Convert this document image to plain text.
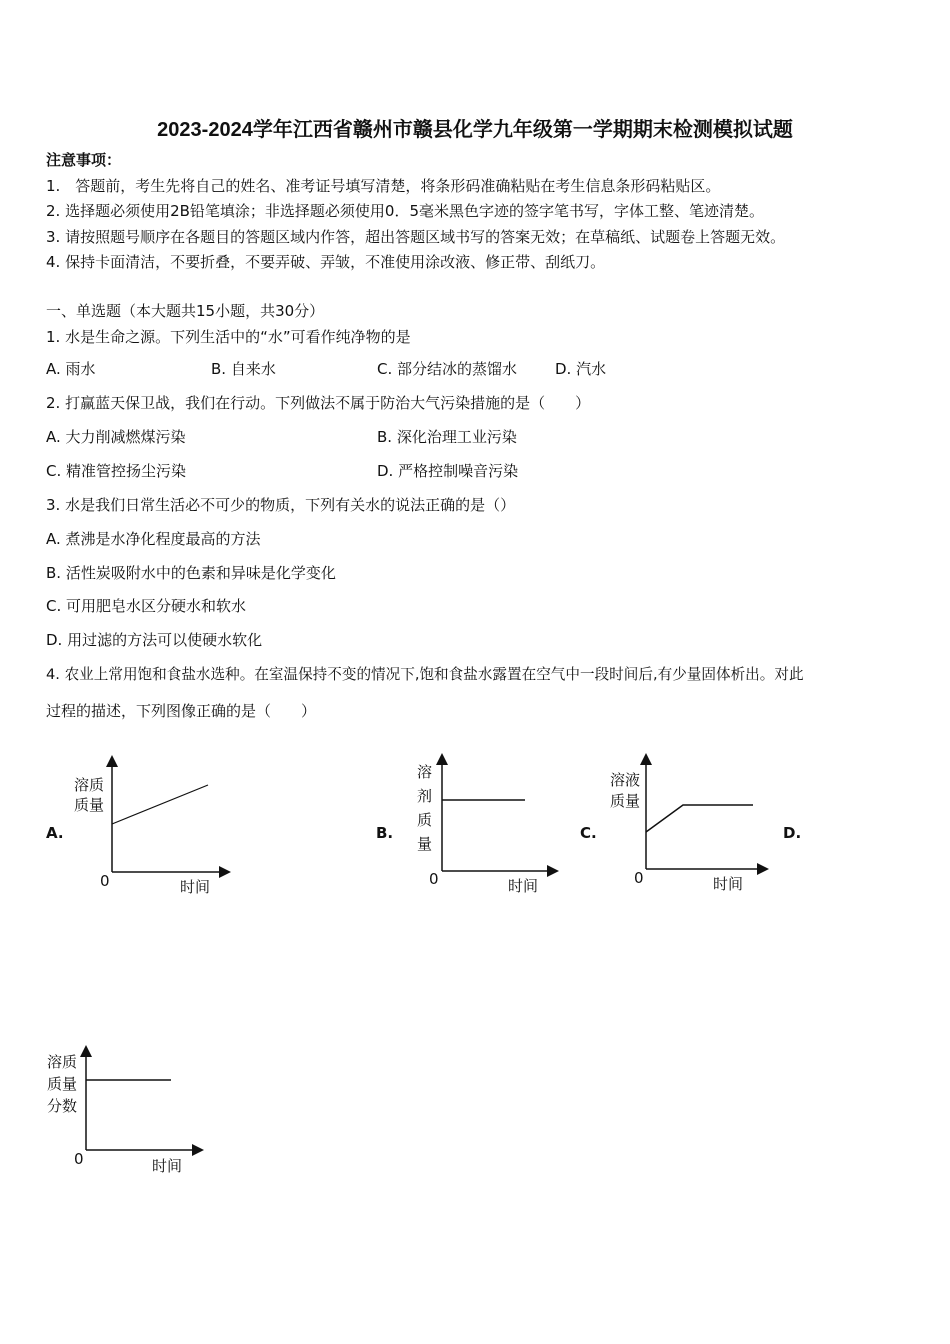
2023-2024学年江西省赣州市赣县化学九年级第一学期期末检测模拟试题
注意事项：
1.　答题前，考生先将自己的姓名、准考证号填写清楚，将条形码准确粘贴在考生信息条形码粘贴区。
2. 选择题必须使用2B铅笔填涂；非选择题必须使用0．5毫米黑色字迹的签字笔书写，字体工整、笔迹清楚。
3. 请按照题号顺序在各题目的答题区域内作答，超出答题区域书写的答案无效；在草稿纸、试题卷上答题无效。
4. 保持卡面清洁，不要折叠，不要弄破、弄皱，不准使用涂改液、修正带、刮纸刀。
一、单选题（本大题共15小题，共30分）
1. 水是生命之源。下列生活中的“水”可看作纯净物的是
A. 雨水	B. 自来水	C. 部分结冰的蒸馏水	D. 汽水
2. 打赢蓝天保卫战，我们在行动。下列做法不属于防治大气污染措施的是（　　）
A. 大力削减燃煤污染	B. 深化治理工业污染
C. 精准管控扬尘污染	D. 严格控制噪音污染
3. 水是我们日常生活必不可少的物质，下列有关水的说法正确的是（）
A. 煮沸是水净化程度最高的方法
B. 活性炭吸附水中的色素和异味是化学变化
C. 可用肥皂水区分硬水和软水
D. 用过滤的方法可以使硬水软化
4. 农业上常用饱和食盐水选种。在室温保持不变的情况下,饱和食盐水露置在空气中一段时间后,有少量固体析出。对此
过程的描述，下列图像正确的是（　　）
A.
溶质
质量
0	时间
B.
溶
剂
质
量
0	时间
C.
溶液
质量
0	时间
D.
溶质
质量
分数
0	时间
